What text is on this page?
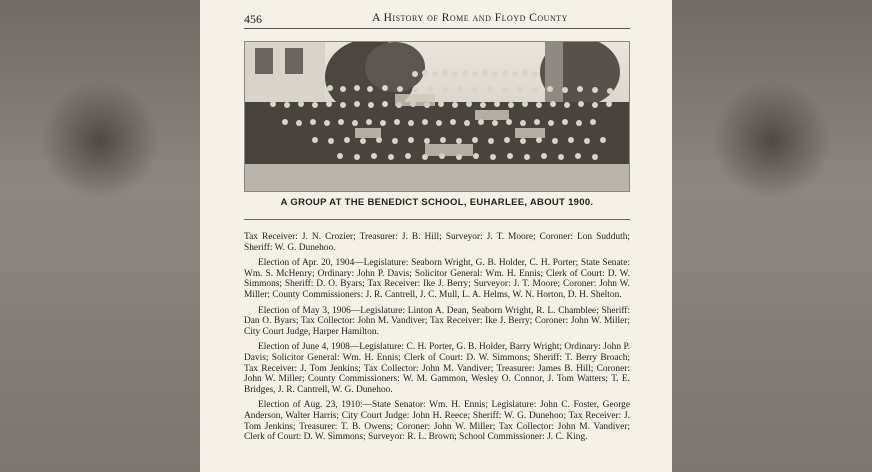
456	A History of Rome and Floyd County
A GROUP AT THE BENEDICT SCHOOL, EUHARLEE, ABOUT 1900.

Tax Receiver: J. N. Crozier; Treasurer: J. B. Hill; Surveyor: J. T. Moore; Coroner: Lon Sudduth; Sheriff: W. G. Dunehoo.

Election of Apr. 20, 1904—Legislature: Seaborn Wright, G. B. Holder, C. H. Porter; State Senate: Wm. S. McHenry; Ordinary: John P. Davis; Solicitor General: Wm. H. Ennis; Clerk of Court: D. W. Simmons; Sheriff: D. O. Byars; Tax Receiver: Ike J. Berry; Surveyor: J. T. Moore; Coroner: John W. Miller; County Commissioners: J. R. Cantrell, J. C. Mull, L. A. Helms, W. N. Horton, D. H. Shelton.

Election of May 3, 1906—Legislature: Linton A. Dean, Seaborn Wright, R. L. Chamblee; Sheriff: Dan O. Byars; Tax Collector: John M. Vandiver; Tax Receiver: Ike J. Berry; Coroner: John W. Miller; City Court Judge, Harper Hamilton.

Election of June 4, 1908—Legislature: C. H. Porter, G. B. Holder, Barry Wright; Ordinary: John P. Davis; Solicitor General: Wm. H. Ennis; Clerk of Court: D. W. Simmons; Sheriff: T. Berry Broach; Tax Receiver: J. Tom Jenkins; Tax Collector: John M. Vandiver; Treasurer: James B. Hill; Coroner: John W. Miller; County Commissioners: W. M. Gammon, Wesley O. Connor, J. Tom Watters; T. E. Bridges, J. R. Cantrell, W. G. Dunehoo.

Election of Aug. 23, 1910:—State Senator: Wm. H. Ennis; Legislature: John C. Foster, George Anderson, Walter Harris; City Court Judge: John H. Reece; Sheriff: W. G. Dunehoo; Tax Receiver: J. Tom Jenkins; Treasurer: T. B. Owens; Coroner: John W. Miller; Tax Collector: John M. Vandiver; Clerk of Court: D. W. Simmons; Surveyor: R. L. Brown; School Commissioner: J. C. King.
